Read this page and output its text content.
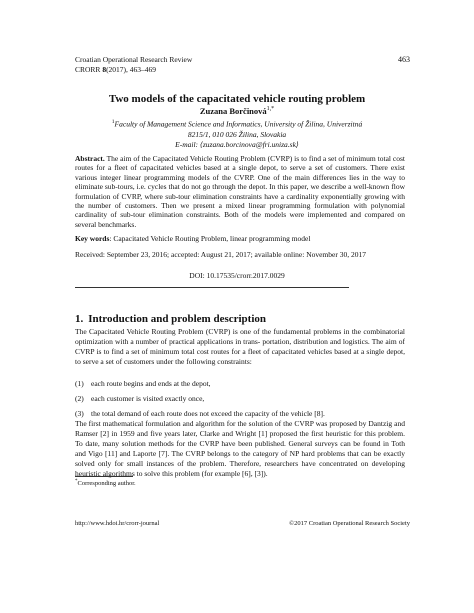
Croatian Operational Research Review
CRORR 8(2017), 463–469
463
Two models of the capacitated vehicle routing problem
Zuzana Borčinová$^{1,*}$
$^1$Faculty of Management Science and Informatics, University of Žilina, Univerzitná
8215/1, 010 026 Žilina, Slovakia
E-mail: ⟨zuzana.borcinova@fri.uniza.sk⟩
Abstract. The aim of the Capacitated Vehicle Routing Problem (CVRP) is to find a set of minimum total cost routes for a fleet of capacitated vehicles based at a single depot, to serve a set of customers. There exist various integer linear programming models of the CVRP. One of the main differences lies in the way to eliminate sub-tours, i.e. cycles that do not go through the depot. In this paper, we describe a well-known flow formulation of CVRP, where sub-tour elimination constraints have a cardinality exponentially growing with the number of customers. Then we present a mixed linear programming formulation with polynomial cardinality of sub-tour elimination constraints. Both of the models were implemented and compared on several benchmarks.
Key words: Capacitated Vehicle Routing Problem, linear programming model
Received: September 23, 2016; accepted: August 21, 2017; available online: November 30, 2017
DOI: 10.17535/crorr.2017.0029
1. Introduction and problem description
The Capacitated Vehicle Routing Problem (CVRP) is one of the fundamental problems in the combinatorial optimization with a number of practical applications in trans- portation, distribution and logistics. The aim of CVRP is to find a set of minimum total cost routes for a fleet of capacitated vehicles based at a single depot, to serve a set of customers under the following constraints:
(1) each route begins and ends at the depot,
(2) each customer is visited exactly once,
(3) the total demand of each route does not exceed the capacity of the vehicle [8].
The first mathematical formulation and algorithm for the solution of the CVRP was proposed by Dantzig and Ramser [2] in 1959 and five years later, Clarke and Wright [1] proposed the first heuristic for this problem. To date, many solution methods for the CVRP have been published. General surveys can be found in Toth and Vigo [11] and Laporte [7]. The CVRP belongs to the category of NP hard problems that can be exactly solved only for small instances of the problem. Therefore, researchers have concentrated on developing heuristic algorithms to solve this problem (for example [6], [3]).
*Corresponding author.
http://www.hdoi.hr/crorr-journal	©2017 Croatian Operational Research Society
